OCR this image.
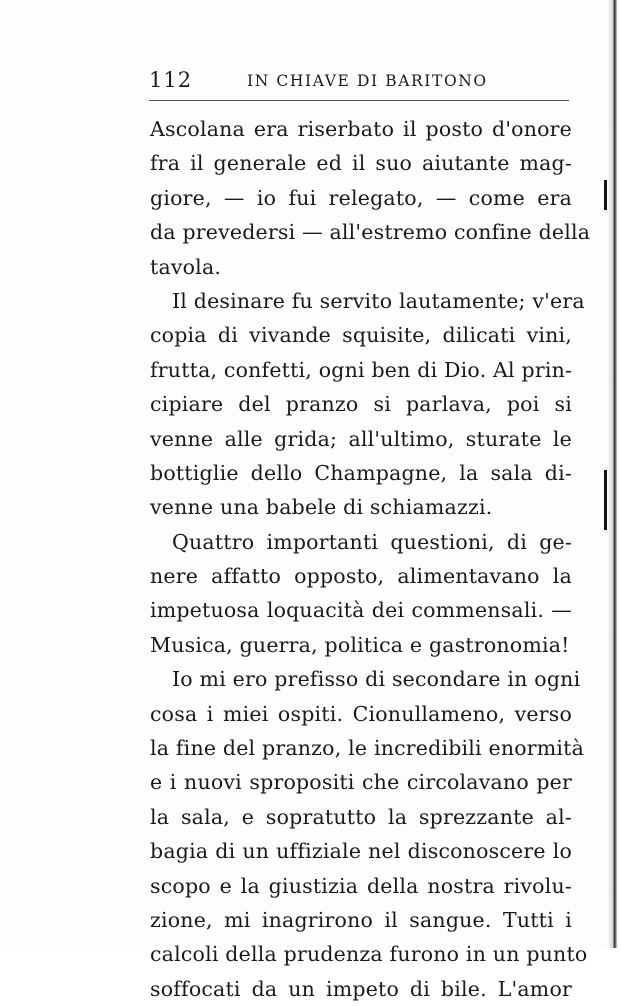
112	IN CHIAVE DI BARITONO
Ascolana era riserbato il posto d'onore
fra il generale ed il suo aiutante mag-
giore, — io fui relegato, — come era
da prevedersi — all'estremo confine della
tavola.
Il desinare fu servito lautamente; v'era
copia di vivande squisite, dilicati vini,
frutta, confetti, ogni ben di Dio. Al prin-
cipiare del pranzo si parlava, poi si
venne alle grida; all'ultimo, sturate le
bottiglie dello Champagne, la sala di-
venne una babele di schiamazzi.
Quattro importanti questioni, di ge-
nere affatto opposto, alimentavano la
impetuosa loquacità dei commensali. —
Musica, guerra, politica e gastronomia!
Io mi ero prefisso di secondare in ogni
cosa i miei ospiti. Cionullameno, verso
la fine del pranzo, le incredibili enormità
e i nuovi spropositi che circolavano per
la sala, e sopratutto la sprezzante al-
bagia di un uffiziale nel disconoscere lo
scopo e la giustizia della nostra rivolu-
zione, mi inagrirono il sangue. Tutti i
calcoli della prudenza furono in un punto
soffocati da un impeto di bile. L'amor
